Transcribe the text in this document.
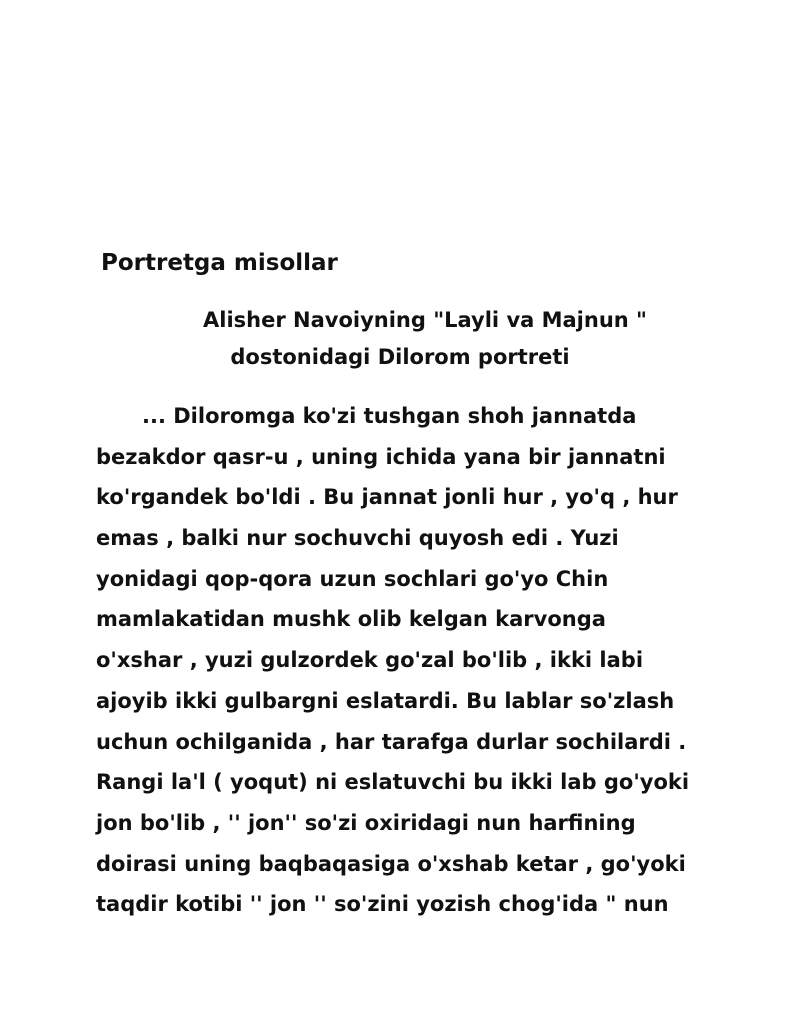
Portretga misollar
Alisher Navoiyning "Layli va Majnun "
dostonidagi Dilorom portreti
... Diloromga ko'zi tushgan shoh jannatda
bezakdor qasr-u , uning ichida yana bir jannatni
ko'rgandek bo'ldi . Bu jannat jonli hur , yo'q , hur
emas , balki nur sochuvchi quyosh edi . Yuzi
yonidagi qop-qora uzun sochlari go'yo Chin
mamlakatidan mushk olib kelgan karvonga
o'xshar , yuzi gulzordek go'zal bo'lib , ikki labi
ajoyib ikki gulbargni eslatardi. Bu lablar so'zlash
uchun ochilganida , har tarafga durlar sochilardi .
Rangi la'l ( yoqut) ni eslatuvchi bu ikki lab go'yoki
jon bo'lib , '' jon'' so'zi oxiridagi nun harfining
doirasi uning baqbaqasiga o'xshab ketar , go'yoki
taqdir kotibi '' jon '' so'zini yozish chog'ida " nun
